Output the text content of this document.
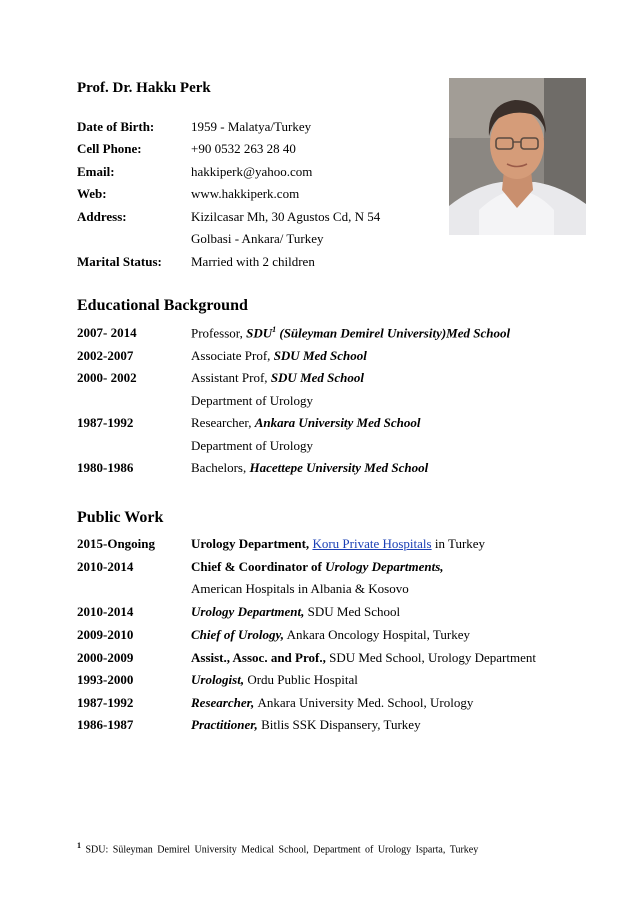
Prof. Dr. Hakkı Perk
Date of Birth:	1959 - Malatya/Turkey
Cell Phone:	+90 0532 263 28 40
Email:	hakkiperk@yahoo.com
Web:	www.hakkiperk.com
Address:	Kizilcasar Mh, 30 Agustos Cd, N 54
Golbasi - Ankara/ Turkey
Marital Status: Married with 2 children
Educational Background
2007- 2014	Professor, SDU$^1$ (Süleyman Demirel University)Med School
2002-2007	Associate Prof, SDU Med School
2000- 2002	Assistant Prof, SDU Med School
Department of Urology
1987-1992	Researcher, Ankara University Med School
Department of Urology
1980-1986	Bachelors, Hacettepe University Med School
Public Work
2015-Ongoing	Urology Department, Koru Private Hospitals in Turkey
2010-2014	Chief & Coordinator of Urology Departments,
American Hospitals in Albania & Kosovo
2010-2014	Urology Department, SDU Med School
2009-2010	Chief of Urology, Ankara Oncology Hospital, Turkey
2000-2009	Assist., Assoc. and Prof., SDU Med School, Urology Department
1993-2000	Urologist, Ordu Public Hospital
1987-1992	Researcher, Ankara University Med. School, Urology
1986-1987	Practitioner, Bitlis SSK Dispansery, Turkey
$^1$ SDU: Süleyman Demirel University Medical School, Department of Urology Isparta, Turkey
